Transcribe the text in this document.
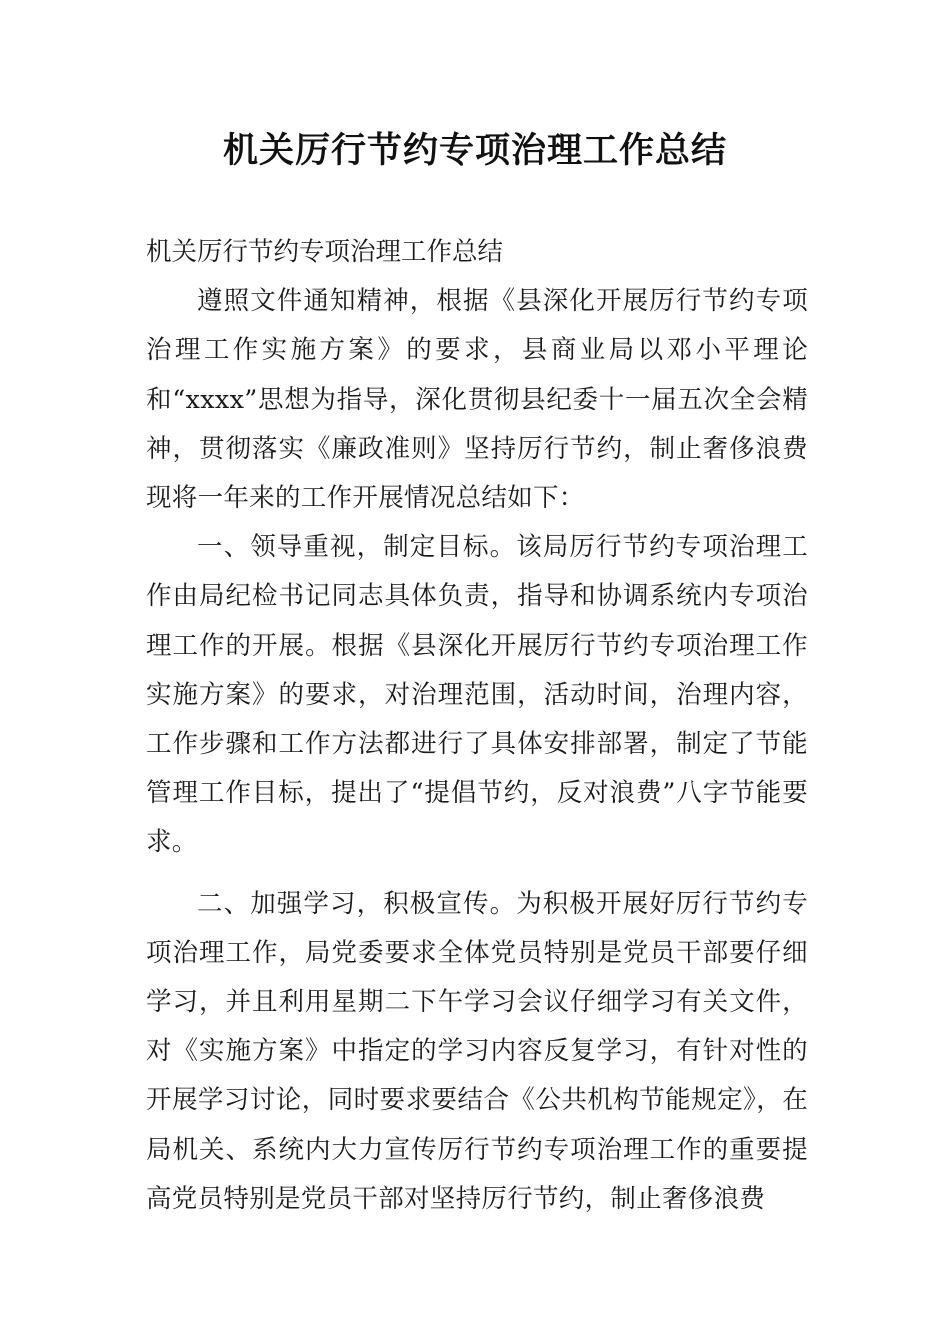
机关厉行节约专项治理工作总结

机关厉行节约专项治理工作总结

遵照文件通知精神，根据《县深化开展厉行节约专项治理工作实施方案》的要求，县商业局以邓小平理论和“xxxx”思想为指导，深化贯彻县纪委十一届五次全会精神，贯彻落实《廉政准则》坚持厉行节约，制止奢侈浪费现将一年来的工作开展情况总结如下：

一、领导重视，制定目标。该局厉行节约专项治理工作由局纪检书记同志具体负责，指导和协调系统内专项治理工作的开展。根据《县深化开展厉行节约专项治理工作实施方案》的要求，对治理范围，活动时间，治理内容，工作步骤和工作方法都进行了具体安排部署，制定了节能管理工作目标，提出了“提倡节约，反对浪费”八字节能要求。

二、加强学习，积极宣传。为积极开展好厉行节约专项治理工作，局党委要求全体党员特别是党员干部要仔细学习，并且利用星期二下午学习会议仔细学习有关文件，对《实施方案》中指定的学习内容反复学习，有针对性的开展学习讨论，同时要求要结合《公共机构节能规定》，在局机关、系统内大力宣传厉行节约专项治理工作的重要提高党员特别是党员干部对坚持厉行节约，制止奢侈浪费
